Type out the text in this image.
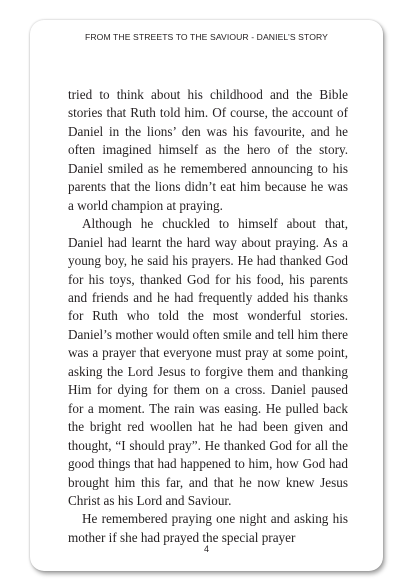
FROM THE STREETS TO THE SAVIOUR - DANIEL’S STORY

tried to think about his childhood and the Bible stories that Ruth told him. Of course, the account of Daniel in the lions’ den was his favourite, and he often imagined himself as the hero of the story. Daniel smiled as he remembered announcing to his parents that the lions didn’t eat him because he was a world champion at praying.

Although he chuckled to himself about that, Daniel had learnt the hard way about praying. As a young boy, he said his prayers. He had thanked God for his toys, thanked God for his food, his parents and friends and he had frequently added his thanks for Ruth who told the most wonderful stories. Daniel’s mother would often smile and tell him there was a prayer that everyone must pray at some point, asking the Lord Jesus to forgive them and thanking Him for dying for them on a cross. Daniel paused for a moment. The rain was easing. He pulled back the bright red woollen hat he had been given and thought, “I should pray”. He thanked God for all the good things that had happened to him, how God had brought him this far, and that he now knew Jesus Christ as his Lord and Saviour.

He remembered praying one night and asking his mother if she had prayed the special prayer

4
